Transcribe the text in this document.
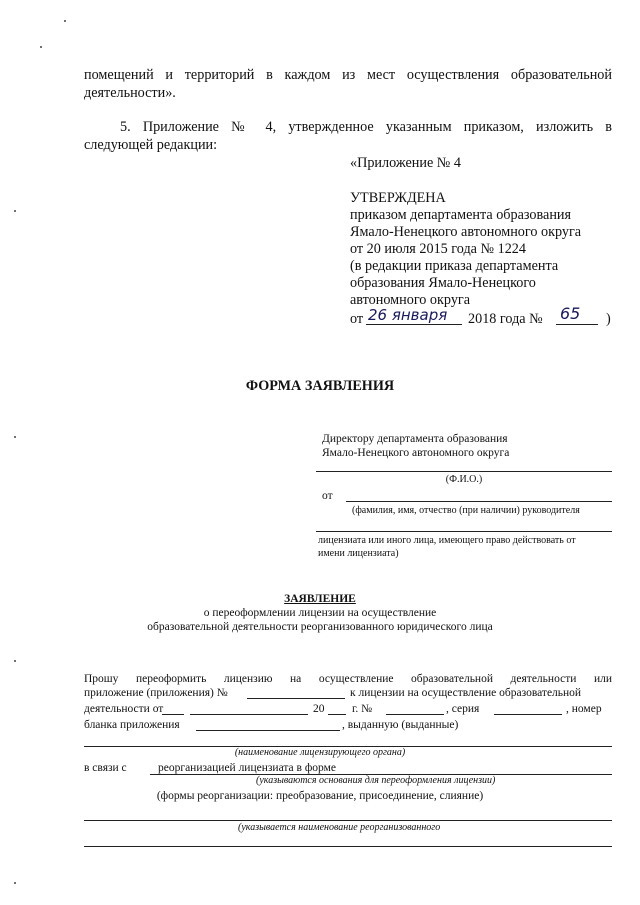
помещений и территорий в каждом из мест осуществления образовательной
деятельности».
5. Приложение № 4, утвержденное указанным приказом, изложить в
следующей редакции:
«Приложение № 4
УТВЕРЖДЕНА
приказом департамента образования
Ямало-Ненецкого автономного округа
от 20 июля 2015 года № 1224
(в редакции приказа департамента
образования Ямало-Ненецкого
автономного округа
от 26 января 2018 года № 65 )
ФОРМА ЗАЯВЛЕНИЯ
Директору департамента образования
Ямало-Ненецкого автономного округа
(Ф.И.О.)
от
(фамилия, имя, отчество (при наличии) руководителя
лицензиата или иного лица, имеющего право действовать от
имени лицензиата)
ЗАЯВЛЕНИЕ
о переоформлении лицензии на осуществление
образовательной деятельности реорганизованного юридического лица
Прошу переоформить лицензию на осуществление образовательной деятельности или
приложение (приложения) №	к лицензии на осуществление образовательной
деятельности от	20 г. №	, серия	, номер
бланка приложения	, выданную (выданные)
(наименование лицензирующего органа)
в связи с	реорганизацией лицензиата в форме
(указываются основания для переоформления лицензии)
(формы реорганизации: преобразование, присоединение, слияние)
(указывается наименование реорганизованного
